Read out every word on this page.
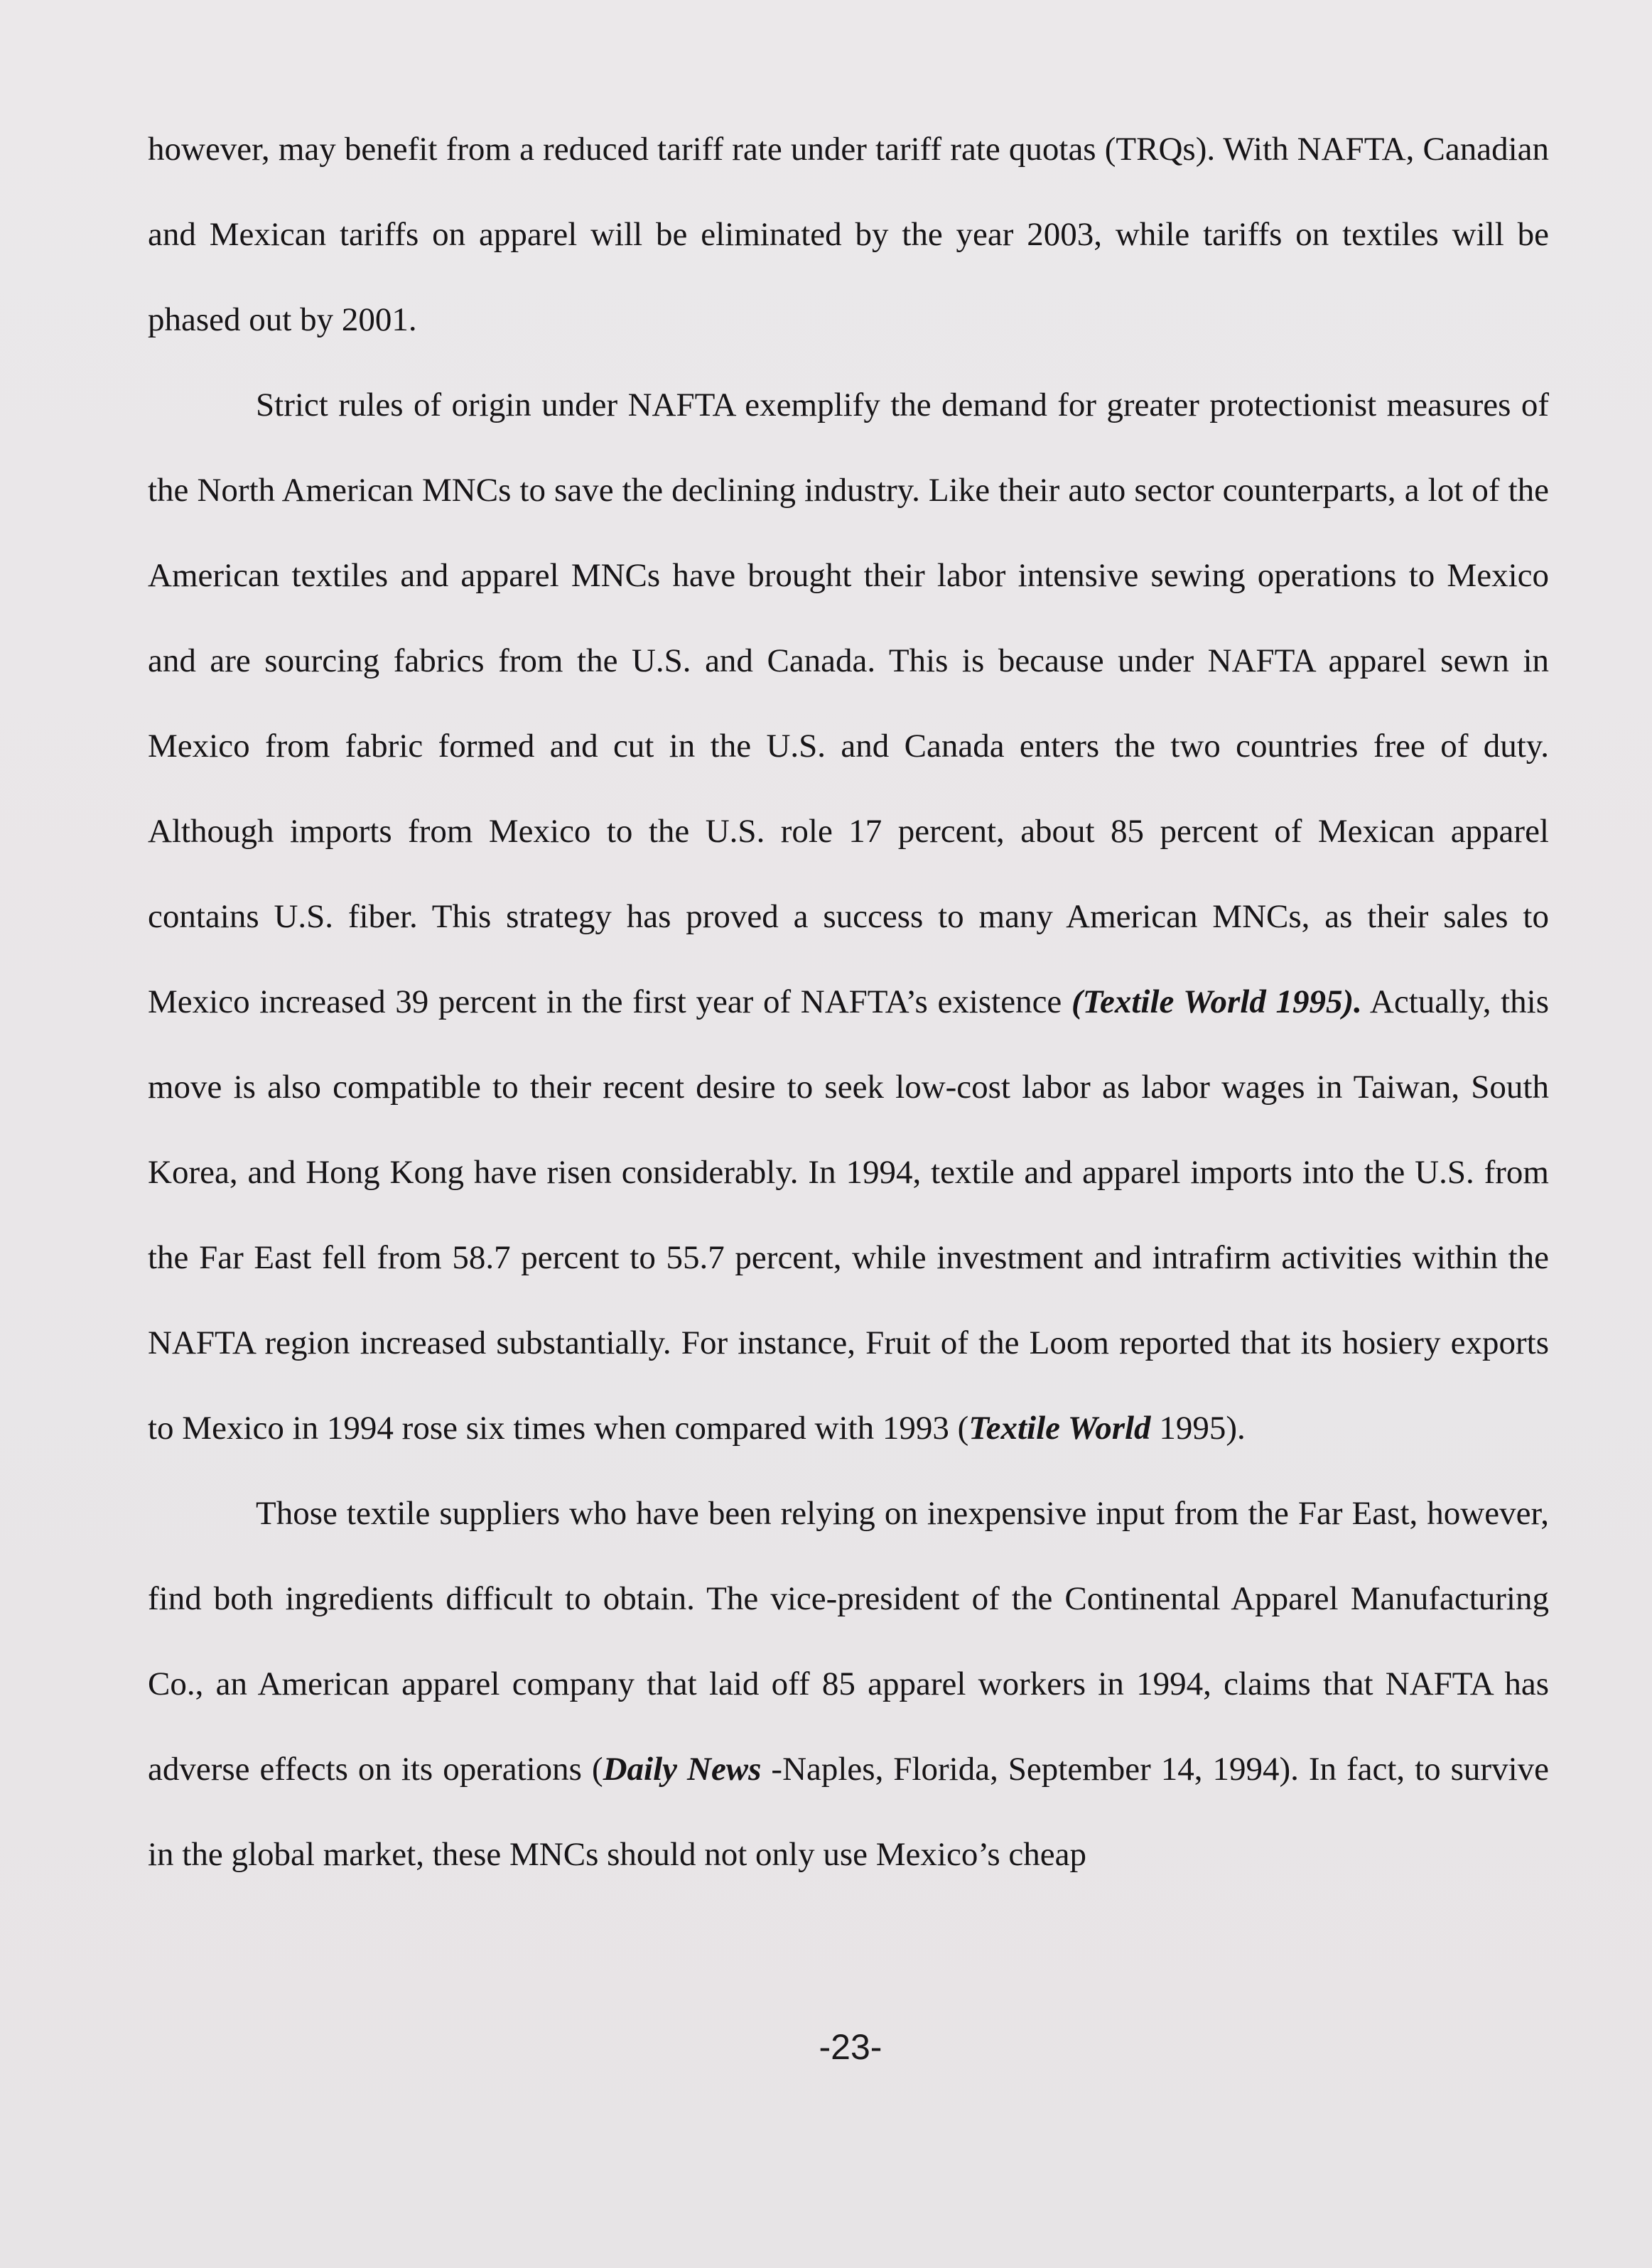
however, may benefit from a reduced tariff rate under tariff rate quotas (TRQs). With NAFTA, Canadian and Mexican tariffs on apparel will be eliminated by the year 2003, while tariffs on textiles will be phased out by 2001.

Strict rules of origin under NAFTA exemplify the demand for greater protectionist measures of the North American MNCs to save the declining industry. Like their auto sector counterparts, a lot of the American textiles and apparel MNCs have brought their labor intensive sewing operations to Mexico and are sourcing fabrics from the U.S. and Canada. This is because under NAFTA apparel sewn in Mexico from fabric formed and cut in the U.S. and Canada enters the two countries free of duty. Although imports from Mexico to the U.S. role 17 percent, about 85 percent of Mexican apparel contains U.S. fiber. This strategy has proved a success to many American MNCs, as their sales to Mexico increased 39 percent in the first year of NAFTA’s existence (Textile World 1995). Actually, this move is also compatible to their recent desire to seek low-cost labor as labor wages in Taiwan, South Korea, and Hong Kong have risen considerably. In 1994, textile and apparel imports into the U.S. from the Far East fell from 58.7 percent to 55.7 percent, while investment and intrafirm activities within the NAFTA region increased substantially. For instance, Fruit of the Loom reported that its hosiery exports to Mexico in 1994 rose six times when compared with 1993 (Textile World 1995).

Those textile suppliers who have been relying on inexpensive input from the Far East, however, find both ingredients difficult to obtain. The vice-president of the Continental Apparel Manufacturing Co., an American apparel company that laid off 85 apparel workers in 1994, claims that NAFTA has adverse effects on its operations (Daily News -Naples, Florida, September 14, 1994). In fact, to survive in the global market, these MNCs should not only use Mexico’s cheap

-23-
